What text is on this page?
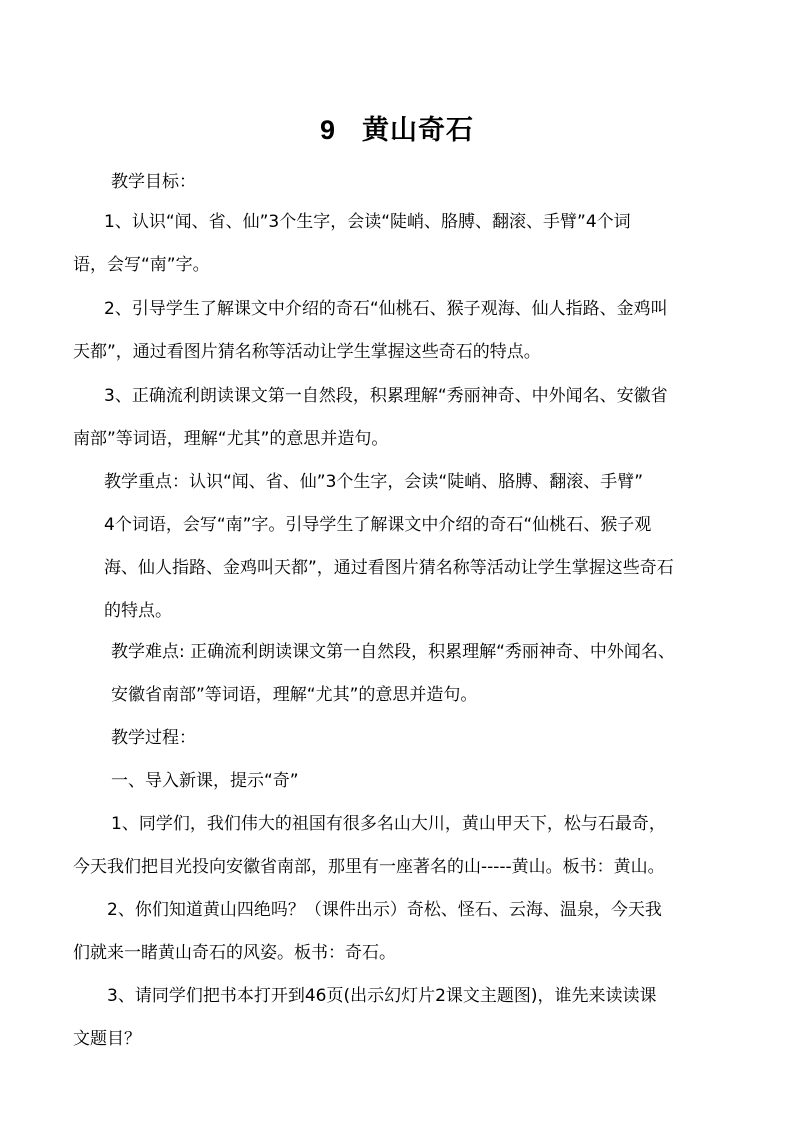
9 黄山奇石
教学目标：
1、认识“闻、省、仙”3个生字，会读“陡峭、胳膊、翻滚、手臂”4个词
语，会写“南”字。
2、引导学生了解课文中介绍的奇石“仙桃石、猴子观海、仙人指路、金鸡叫
天都”，通过看图片猜名称等活动让学生掌握这些奇石的特点。
3、正确流利朗读课文第一自然段，积累理解“秀丽神奇、中外闻名、安徽省
南部”等词语，理解“尤其”的意思并造句。
教学重点：认识“闻、省、仙”3个生字，会读“陡峭、胳膊、翻滚、手臂”
4个词语，会写“南”字。引导学生了解课文中介绍的奇石“仙桃石、猴子观
海、仙人指路、金鸡叫天都”，通过看图片猜名称等活动让学生掌握这些奇石
的特点。
教学难点: 正确流利朗读课文第一自然段，积累理解“秀丽神奇、中外闻名、
安徽省南部”等词语，理解“尤其”的意思并造句。
教学过程：
一、导入新课，提示“奇”
1、同学们，我们伟大的祖国有很多名山大川，黄山甲天下，松与石最奇，
今天我们把目光投向安徽省南部，那里有一座著名的山-----黄山。板书：黄山。
2、你们知道黄山四绝吗？（课件出示）奇松、怪石、云海、温泉，今天我
们就来一睹黄山奇石的风姿。板书：奇石。
3、请同学们把书本打开到46页(出示幻灯片2课文主题图)，谁先来读读课
文题目？
